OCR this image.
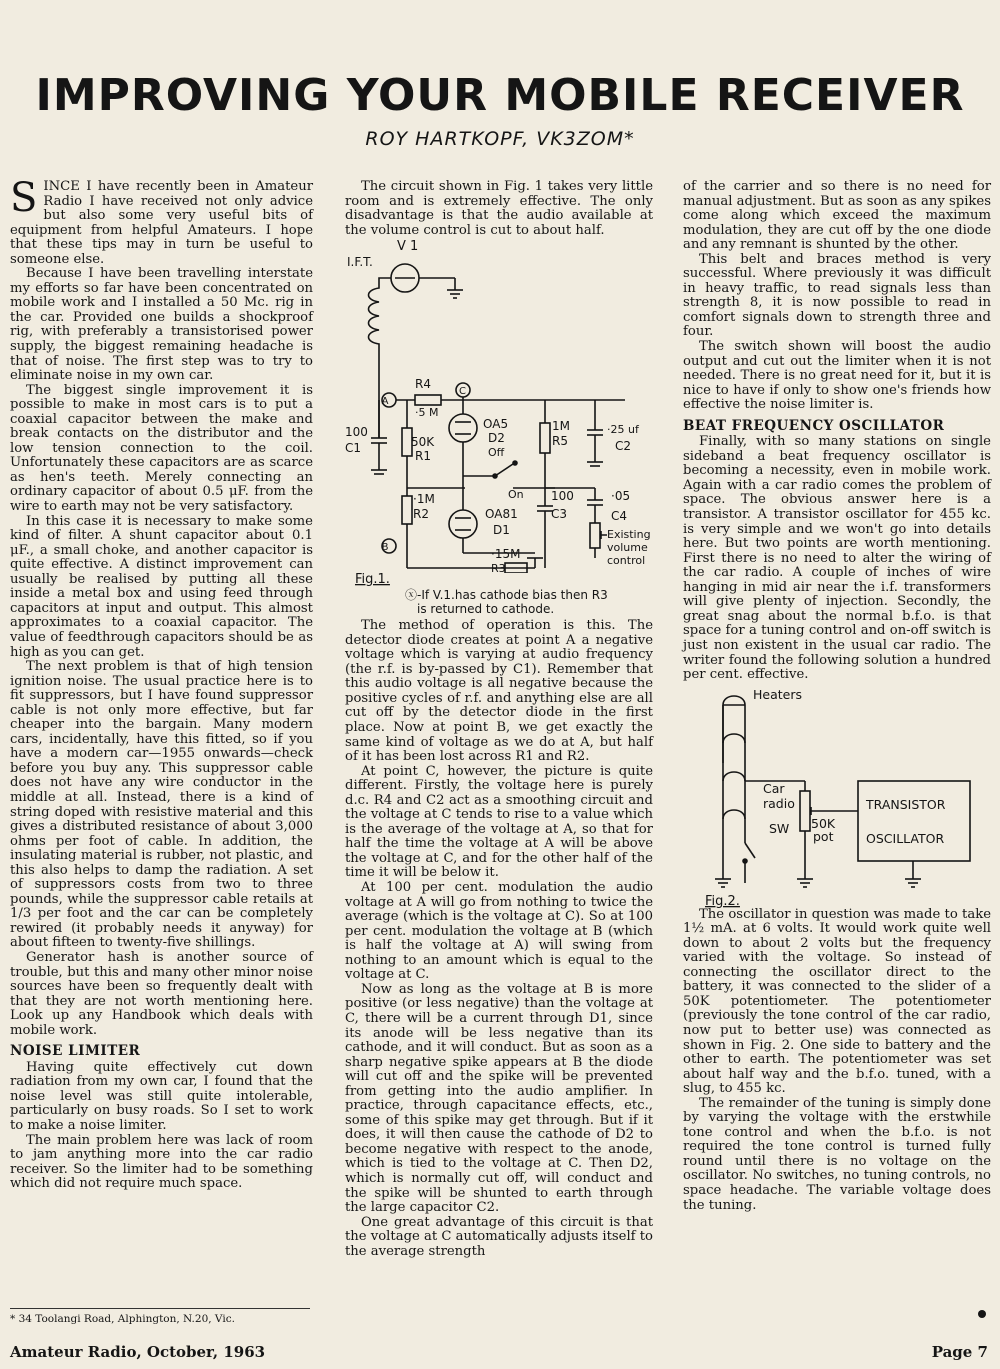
IMPROVING YOUR MOBILE RECEIVER
ROY HARTKOPF, VK3ZOM*

SINCE I have recently been in Amateur Radio I have received not only advice but also some very useful bits of equipment from helpful Amateurs. I hope that these tips may in turn be useful to someone else.

Because I have been travelling interstate my efforts so far have been concentrated on mobile work and I installed a 50 Mc. rig in the car. Provided one builds a shockproof rig, with preferably a transistorised power supply, the biggest remaining headache is that of noise. The first step was to try to eliminate noise in my own car.

The biggest single improvement it is possible to make in most cars is to put a coaxial capacitor between the make and break contacts on the distributor and the low tension connection to the coil. Unfortunately these capacitors are as scarce as hen's teeth. Merely connecting an ordinary capacitor of about 0.5 μF. from the wire to earth may not be very satisfactory.

In this case it is necessary to make some kind of filter. A shunt capacitor about 0.1 μF., a small choke, and another capacitor is quite effective. A distinct improvement can usually be realised by putting all these inside a metal box and using feed through capacitors at input and output. This almost approximates to a coaxial capacitor. The value of feedthrough capacitors should be as high as you can get.

The next problem is that of high tension ignition noise. The usual practice here is to fit suppressors, but I have found suppressor cable is not only more effective, but far cheaper into the bargain. Many modern cars, incidentally, have this fitted, so if you have a modern car—1955 onwards—check before you buy any. This suppressor cable does not have any wire conductor in the middle at all. Instead, there is a kind of string doped with resistive material and this gives a distributed resistance of about 3,000 ohms per foot of cable. In addition, the insulating material is rubber, not plastic, and this also helps to damp the radiation. A set of suppressors costs from two to three pounds, while the suppressor cable retails at 1/3 per foot and the car can be completely rewired (it probably needs it anyway) for about fifteen to twenty-five shillings.

Generator hash is another source of trouble, but this and many other minor noise sources have been so frequently dealt with that they are not worth mentioning here. Look up any Handbook which deals with mobile work.

NOISE LIMITER

Having quite effectively cut down radiation from my own car, I found that the noise level was still quite intolerable, particularly on busy roads. So I set to work to make a noise limiter.

The main problem here was lack of room to jam anything more into the car radio receiver. So the limiter had to be something which did not require much space.

The circuit shown in Fig. 1 takes very little room and is extremely effective. The only disadvantage is that the audio available at the volume control is cut to about half.

V 1
I.F.T.
A
R4
·5 M
C
50K
R1
OA5
D2
Off
On
1M
R5
·25 uf
C2
100
C1
·1M
R2	OA81
D1
100
C3
·05
C4
B	·15M
R3
Existing
volume
control
Fig.1.
ⓧ-If V.1.has cathode bias then R3
is returned to cathode.

The method of operation is this. The detector diode creates at point A a negative voltage which is varying at audio frequency (the r.f. is by-passed by C1). Remember that this audio voltage is all negative because the positive cycles of r.f. and anything else are all cut off by the detector diode in the first place. Now at point B, we get exactly the same kind of voltage as we do at A, but half of it has been lost across R1 and R2.

At point C, however, the picture is quite different. Firstly, the voltage here is purely d.c. R4 and C2 act as a smoothing circuit and the voltage at C tends to rise to a value which is the average of the voltage at A, so that for half the time the voltage at A will be above the voltage at C, and for the other half of the time it will be below it.

At 100 per cent. modulation the audio voltage at A will go from nothing to twice the average (which is the voltage at C). So at 100 per cent. modulation the voltage at B (which is half the voltage at A) will swing from nothing to an amount which is equal to the voltage at C.

Now as long as the voltage at B is more positive (or less negative) than the voltage at C, there will be a current through D1, since its anode will be less negative than its cathode, and it will conduct. But as soon as a sharp negative spike appears at B the diode will cut off and the spike will be prevented from getting into the audio amplifier. In practice, through capacitance effects, etc., some of this spike may get through. But if it does, it will then cause the cathode of D2 to become negative with respect to the anode, which is tied to the voltage at C. Then D2, which is normally cut off, will conduct and the spike will be shunted to earth through the large capacitor C2.

One great advantage of this circuit is that the voltage at C automatically adjusts itself to the average strength

of the carrier and so there is no need for manual adjustment. But as soon as any spikes come along which exceed the maximum modulation, they are cut off by the one diode and any remnant is shunted by the other.

This belt and braces method is very successful. Where previously it was difficult in heavy traffic, to read signals less than strength 8, it is now possible to read in comfort signals down to strength three and four.

The switch shown will boost the audio output and cut out the limiter when it is not needed. There is no great need for it, but it is nice to have if only to show one's friends how effective the noise limiter is.

BEAT FREQUENCY OSCILLATOR

Finally, with so many stations on single sideband a beat frequency oscillator is becoming a necessity, even in mobile work. Again with a car radio comes the problem of space. The obvious answer here is a transistor. A transistor oscillator for 455 kc. is very simple and we won't go into details here. But two points are worth mentioning. First there is no need to alter the wiring of the car radio. A couple of inches of wire hanging in mid air near the i.f. transformers will give plenty of injection. Secondly, the great snag about the normal b.f.o. is that space for a tuning control and on-off switch is just non existent in the usual car radio. The writer found the following solution a hundred per cent. effective.

Heaters
Car
radio
SW 50K
pot
TRANSISTOR
OSCILLATOR
Fig.2.

The oscillator in question was made to take 1½ mA. at 6 volts. It would work quite well down to about 2 volts but the frequency varied with the voltage. So instead of connecting the oscillator direct to the battery, it was connected to the slider of a 50K potentiometer. The potentiometer (previously the tone control of the car radio, now put to better use) was connected as shown in Fig. 2. One side to battery and the other to earth. The potentiometer was set about half way and the b.f.o. tuned, with a slug, to 455 kc.

The remainder of the tuning is simply done by varying the voltage with the erstwhile tone control and when the b.f.o. is not required the tone control is turned fully round until there is no voltage on the oscillator. No switches, no tuning controls, no space headache. The variable voltage does the tuning.

* 34 Toolangi Road, Alphington, N.20, Vic.
Amateur Radio, October, 1963	Page 7
